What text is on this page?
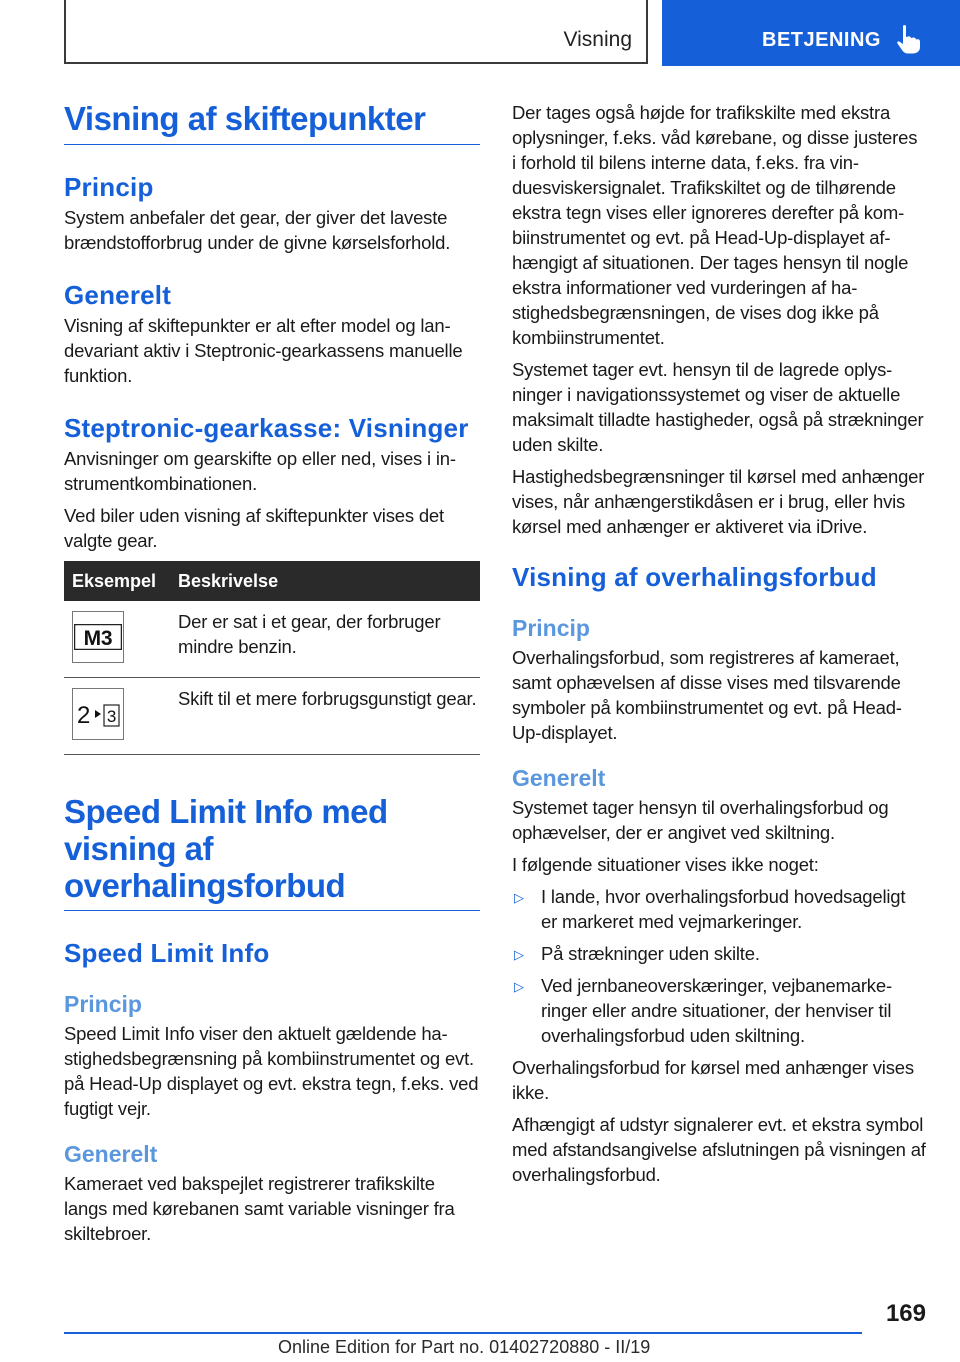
Visning	BETJENING
Visning af skiftepunkter
Princip

System anbefaler det gear, der giver det laveste brændstofforbrug under de givne kørselsforhold.

Generelt

Visning af skiftepunkter er alt efter model og landevariant aktiv i Steptronic-gearkassens manuelle funktion.

Steptronic-gearkasse: Visninger

Anvisninger om gearskifte op eller ned, vises i instrumentkombinationen.

Ved biler uden visning af skiftepunkter vises det valgte gear.

Eksempel	Beskrivelse

M3	Der er sat i et gear, der forbruger mindre benzin.

2 3	Skift til et mere forbrugsgunstigt gear.
Speed Limit Info med visning af overhalingsforbud
Speed Limit Info
Princip

Speed Limit Info viser den aktuelt gældende hastighedsbegrænsning på kombiinstrumentet og evt. på Head-Up displayet og evt. ekstra tegn, f.eks. ved fugtigt vejr.

Generelt

Kameraet ved bakspejlet registrerer trafikskilte langs med kørebanen samt variable visninger fra skiltebroer.

Der tages også højde for trafikskilte med ekstra oplysninger, f.eks. våd kørebane, og disse justeres i forhold til bilens interne data, f.eks. fra vinduesviskersignalet. Trafikskiltet og de tilhørende ekstra tegn vises eller ignoreres derefter på kombiinstrumentet og evt. på Head-Up-displayet afhængigt af situationen. Der tages hensyn til nogle ekstra informationer ved vurderingen af hastighedsbegrænsningen, de vises dog ikke på kombiinstrumentet.

Systemet tager evt. hensyn til de lagrede oplysninger i navigationssystemet og viser de aktuelle maksimalt tilladte hastigheder, også på strækninger uden skilte.

Hastighedsbegrænsninger til kørsel med anhænger vises, når anhængerstikdåsen er i brug, eller hvis kørsel med anhænger er aktiveret via iDrive.

Visning af overhalingsforbud
Princip

Overhalingsforbud, som registreres af kameraet, samt ophævelsen af disse vises med tilsvarende symboler på kombiinstrumentet og evt. på Head-Up-displayet.

Generelt

Systemet tager hensyn til overhalingsforbud og ophævelser, der er angivet ved skiltning.

I følgende situationer vises ikke noget:

▷ I lande, hvor overhalingsforbud hovedsageligt er markeret med vejmarkeringer.
▷ På strækninger uden skilte.
▷ Ved jernbaneoverskæringer, vejbanemarkeringer eller andre situationer, der henviser til overhalingsforbud uden skiltning.

Overhalingsforbud for kørsel med anhænger vises ikke.

Afhængigt af udstyr signalerer evt. et ekstra symbol med afstandsangivelse afslutningen på visningen af overhalingsforbud.

169
Online Edition for Part no. 01402720880 - II/19
